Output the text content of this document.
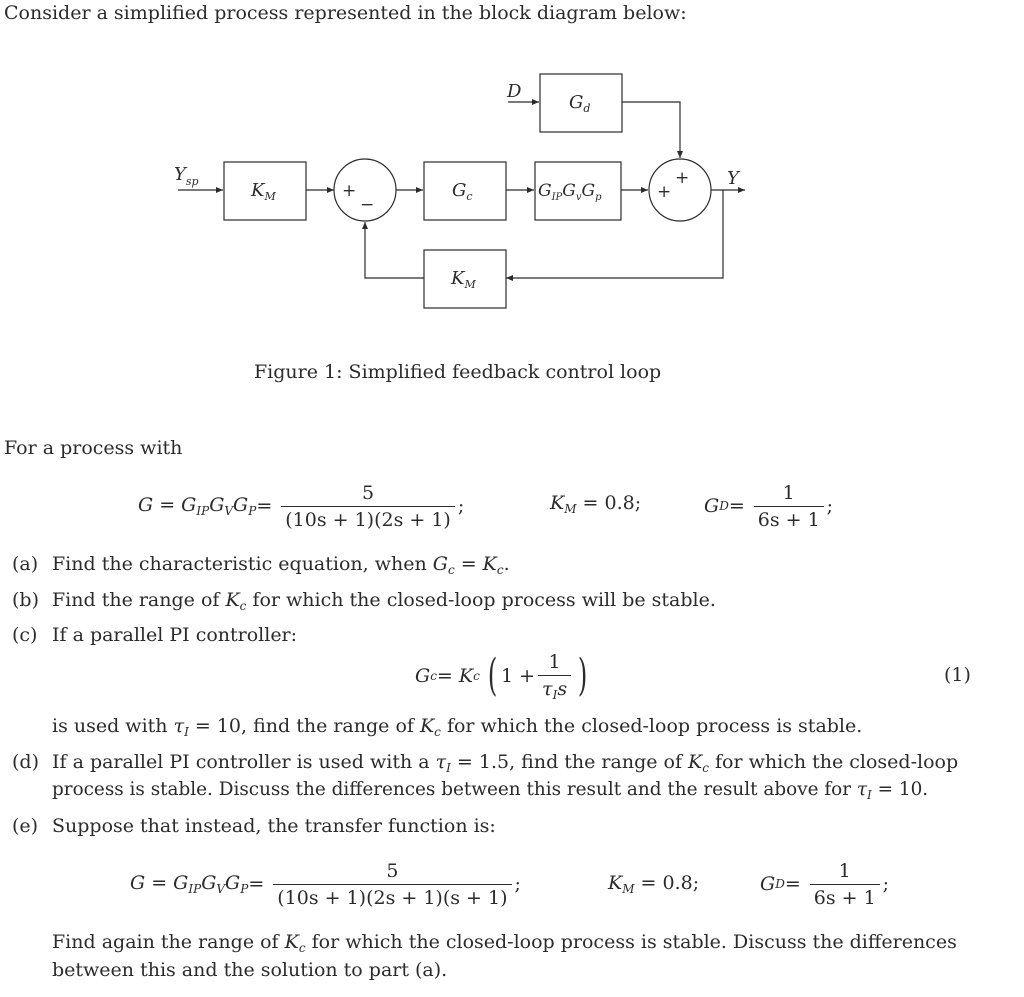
Consider a simplified process represented in the block diagram below:
$Y_{sp}$	$K_M$	+
−
$G_c$	$G_{IP}G_vG_p$
D
$G_d$
+
+
Y
$K_M$
Figure 1: Simplified feedback control loop
For a process with
$G = G_{IP}G_VG_P = \frac{5}{(10s + 1)(2s + 1)}$ ;	$K_M = 0.8$;	G $D = \frac{1}{6s + 1}$ ;
(a) Find the characteristic equation, when $G_c = K_c$.
(b) Find the range of $K_c$ for which the closed-loop process will be stable.
(c) If a parallel PI controller:
G c = K c ( $1 + \frac{1}{\tau_Is}$ )	(1)
is used with $\tau_I = 10$, find the range of $K_c$ for which the closed-loop process is stable.
(d) If a parallel PI controller is used with a $\tau_I = 1.5$, find the range of $K_c$ for which the closed-loop
process is stable. Discuss the differences between this result and the result above for $\tau_I = 10$.
(e) Suppose that instead, the transfer function is:
$G = G_{IP}G_VG_P = \frac{5}{(10s + 1)(2s + 1)(s + 1)}$ ;	$K_M = 0.8$;	G $D = \frac{1}{6s + 1}$ ;
Find again the range of $K_c$ for which the closed-loop process is stable. Discuss the differences
between this and the solution to part (a).
